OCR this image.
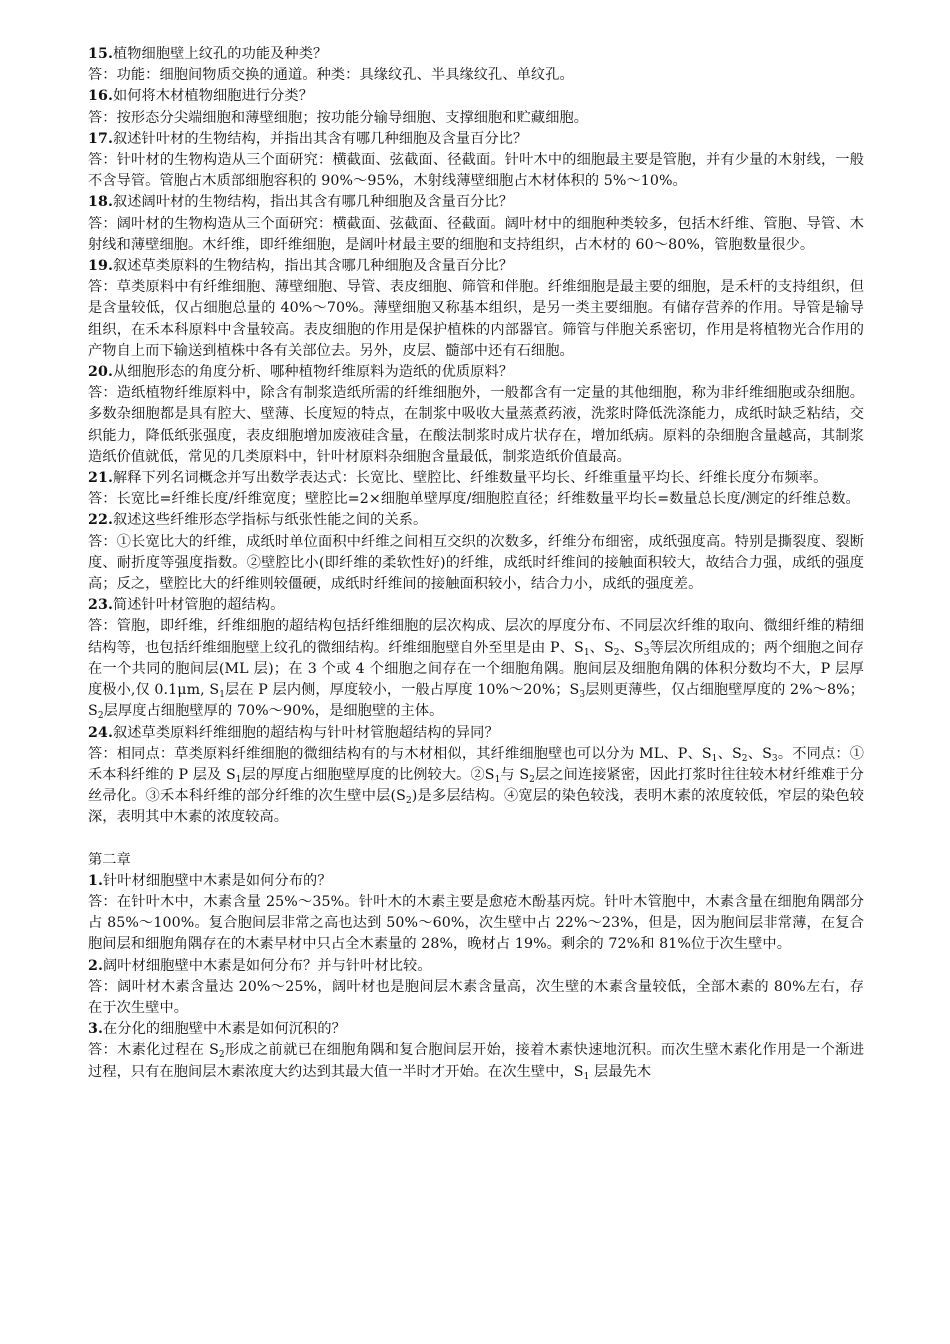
15.植物细胞壁上纹孔的功能及种类？
答：功能：细胞间物质交换的通道。种类：具缘纹孔、半具缘纹孔、单纹孔。
16.如何将木材植物细胞进行分类？
答：按形态分尖端细胞和薄壁细胞；按功能分输导细胞、支撑细胞和贮藏细胞。
17.叙述针叶材的生物结构，并指出其含有哪几种细胞及含量百分比？
答：针叶材的生物构造从三个面研究：横截面、弦截面、径截面。针叶木中的细胞最主要是管胞，并有少量的木射线，一般不含导管。管胞占木质部细胞容积的 90%～95%，木射线薄壁细胞占木材体积的 5%～10%。
18.叙述阔叶材的生物结构，指出其含有哪几种细胞及含量百分比？
答：阔叶材的生物构造从三个面研究：横截面、弦截面、径截面。阔叶材中的细胞种类较多，包括木纤维、管胞、导管、木射线和薄壁细胞。木纤维，即纤维细胞，是阔叶材最主要的细胞和支持组织，占木材的 60～80%，管胞数量很少。
19.叙述草类原料的生物结构，指出其含哪几种细胞及含量百分比？
答：草类原料中有纤维细胞、薄壁细胞、导管、表皮细胞、筛管和伴胞。纤维细胞是最主要的细胞，是禾杆的支持组织，但是含量较低，仅占细胞总量的 40%～70%。薄壁细胞又称基本组织，是另一类主要细胞。有储存营养的作用。导管是输导组织，在禾本科原料中含量较高。表皮细胞的作用是保护植株的内部器官。筛管与伴胞关系密切，作用是将植物光合作用的产物自上而下输送到植株中各有关部位去。另外，皮层、髓部中还有石细胞。
20.从细胞形态的角度分析、哪种植物纤维原料为造纸的优质原料？
答：造纸植物纤维原料中，除含有制浆造纸所需的纤维细胞外，一般都含有一定量的其他细胞，称为非纤维细胞或杂细胞。多数杂细胞都是具有腔大、壁薄、长度短的特点，在制浆中吸收大量蒸煮药液，洗浆时降低洗涤能力，成纸时缺乏粘结，交织能力，降低纸张强度，表皮细胞增加废液硅含量，在酸法制浆时成片状存在，增加纸病。原料的杂细胞含量越高，其制浆造纸价值就低，常见的几类原料中，针叶材原料杂细胞含量最低，制浆造纸价值最高。
21.解释下列名词概念并写出数学表达式：长宽比、壁腔比、纤维数量平均长、纤维重量平均长、纤维长度分布频率。
答：长宽比=纤维长度/纤维宽度；壁腔比=2×细胞单壁厚度/细胞腔直径；纤维数量平均长=数量总长度/测定的纤维总数。
22.叙述这些纤维形态学指标与纸张性能之间的关系。
答：①长宽比大的纤维，成纸时单位面积中纤维之间相互交织的次数多，纤维分布细密，成纸强度高。特别是撕裂度、裂断度、耐折度等强度指数。②壁腔比小(即纤维的柔软性好)的纤维，成纸时纤维间的接触面积较大，故结合力强，成纸的强度高；反之，壁腔比大的纤维则较僵硬，成纸时纤维间的接触面积较小，结合力小，成纸的强度差。
23.简述针叶材管胞的超结构。
答：管胞，即纤维，纤维细胞的超结构包括纤维细胞的层次构成、层次的厚度分布、不同层次纤维的取向、微细纤维的精细结构等，也包括纤维细胞壁上纹孔的微细结构。纤维细胞壁自外至里是由 P、$S_1$、$S_2$、$S_3$等层次所组成的；两个细胞之间存在一个共同的胞间层(ML 层)；在 3 个或 4 个细胞之间存在一个细胞角隅。胞间层及细胞角隅的体积分数均不大，P 层厚度极小,仅 0.1μm, $S_1$层在 P 层内侧，厚度较小，一般占厚度 10%～20%；$S_3$层则更薄些，仅占细胞壁厚度的 2%～8%；$S_2$层厚度占细胞壁厚的 70%～90%，是细胞壁的主体。
24.叙述草类原料纤维细胞的超结构与针叶材管胞超结构的异同？
答：相同点：草类原料纤维细胞的微细结构有的与木材相似，其纤维细胞壁也可以分为 ML、P、$S_1$、$S_2$、$S_3$。不同点：①禾本科纤维的 P 层及 $S_1$层的厚度占细胞壁厚度的比例较大。$②S_1$与 $S_2$层之间连接紧密，因此打浆时往往较木材纤维难于分丝帚化。③禾本科纤维的部分纤维的次生壁中层$(S_2)$是多层结构。④宽层的染色较浅，表明木素的浓度较低，窄层的染色较深，表明其中木素的浓度较高。
第二章
1.针叶材细胞壁中木素是如何分布的？
答：在针叶木中，木素含量 25%～35%。针叶木的木素主要是愈疮木酚基丙烷。针叶木管胞中，木素含量在细胞角隅部分占 85%～100%。复合胞间层非常之高也达到 50%～60%，次生壁中占 22%～23%，但是，因为胞间层非常薄，在复合胞间层和细胞角隅存在的木素早材中只占全木素量的 28%，晚材占 19%。剩余的 72%和 81%位于次生壁中。
2.阔叶材细胞壁中木素是如何分布？并与针叶材比较。
答：阔叶材木素含量达 20%～25%，阔叶材也是胞间层木素含量高，次生壁的木素含量较低，全部木素的 80%左右，存在于次生壁中。
3.在分化的细胞壁中木素是如何沉积的？
答：木素化过程在 $S_2$形成之前就已在细胞角隅和复合胞间层开始，接着木素快速地沉积。而次生壁木素化作用是一个渐进过程，只有在胞间层木素浓度大约达到其最大值一半时才开始。在次生壁中，$S_1$ 层最先木
